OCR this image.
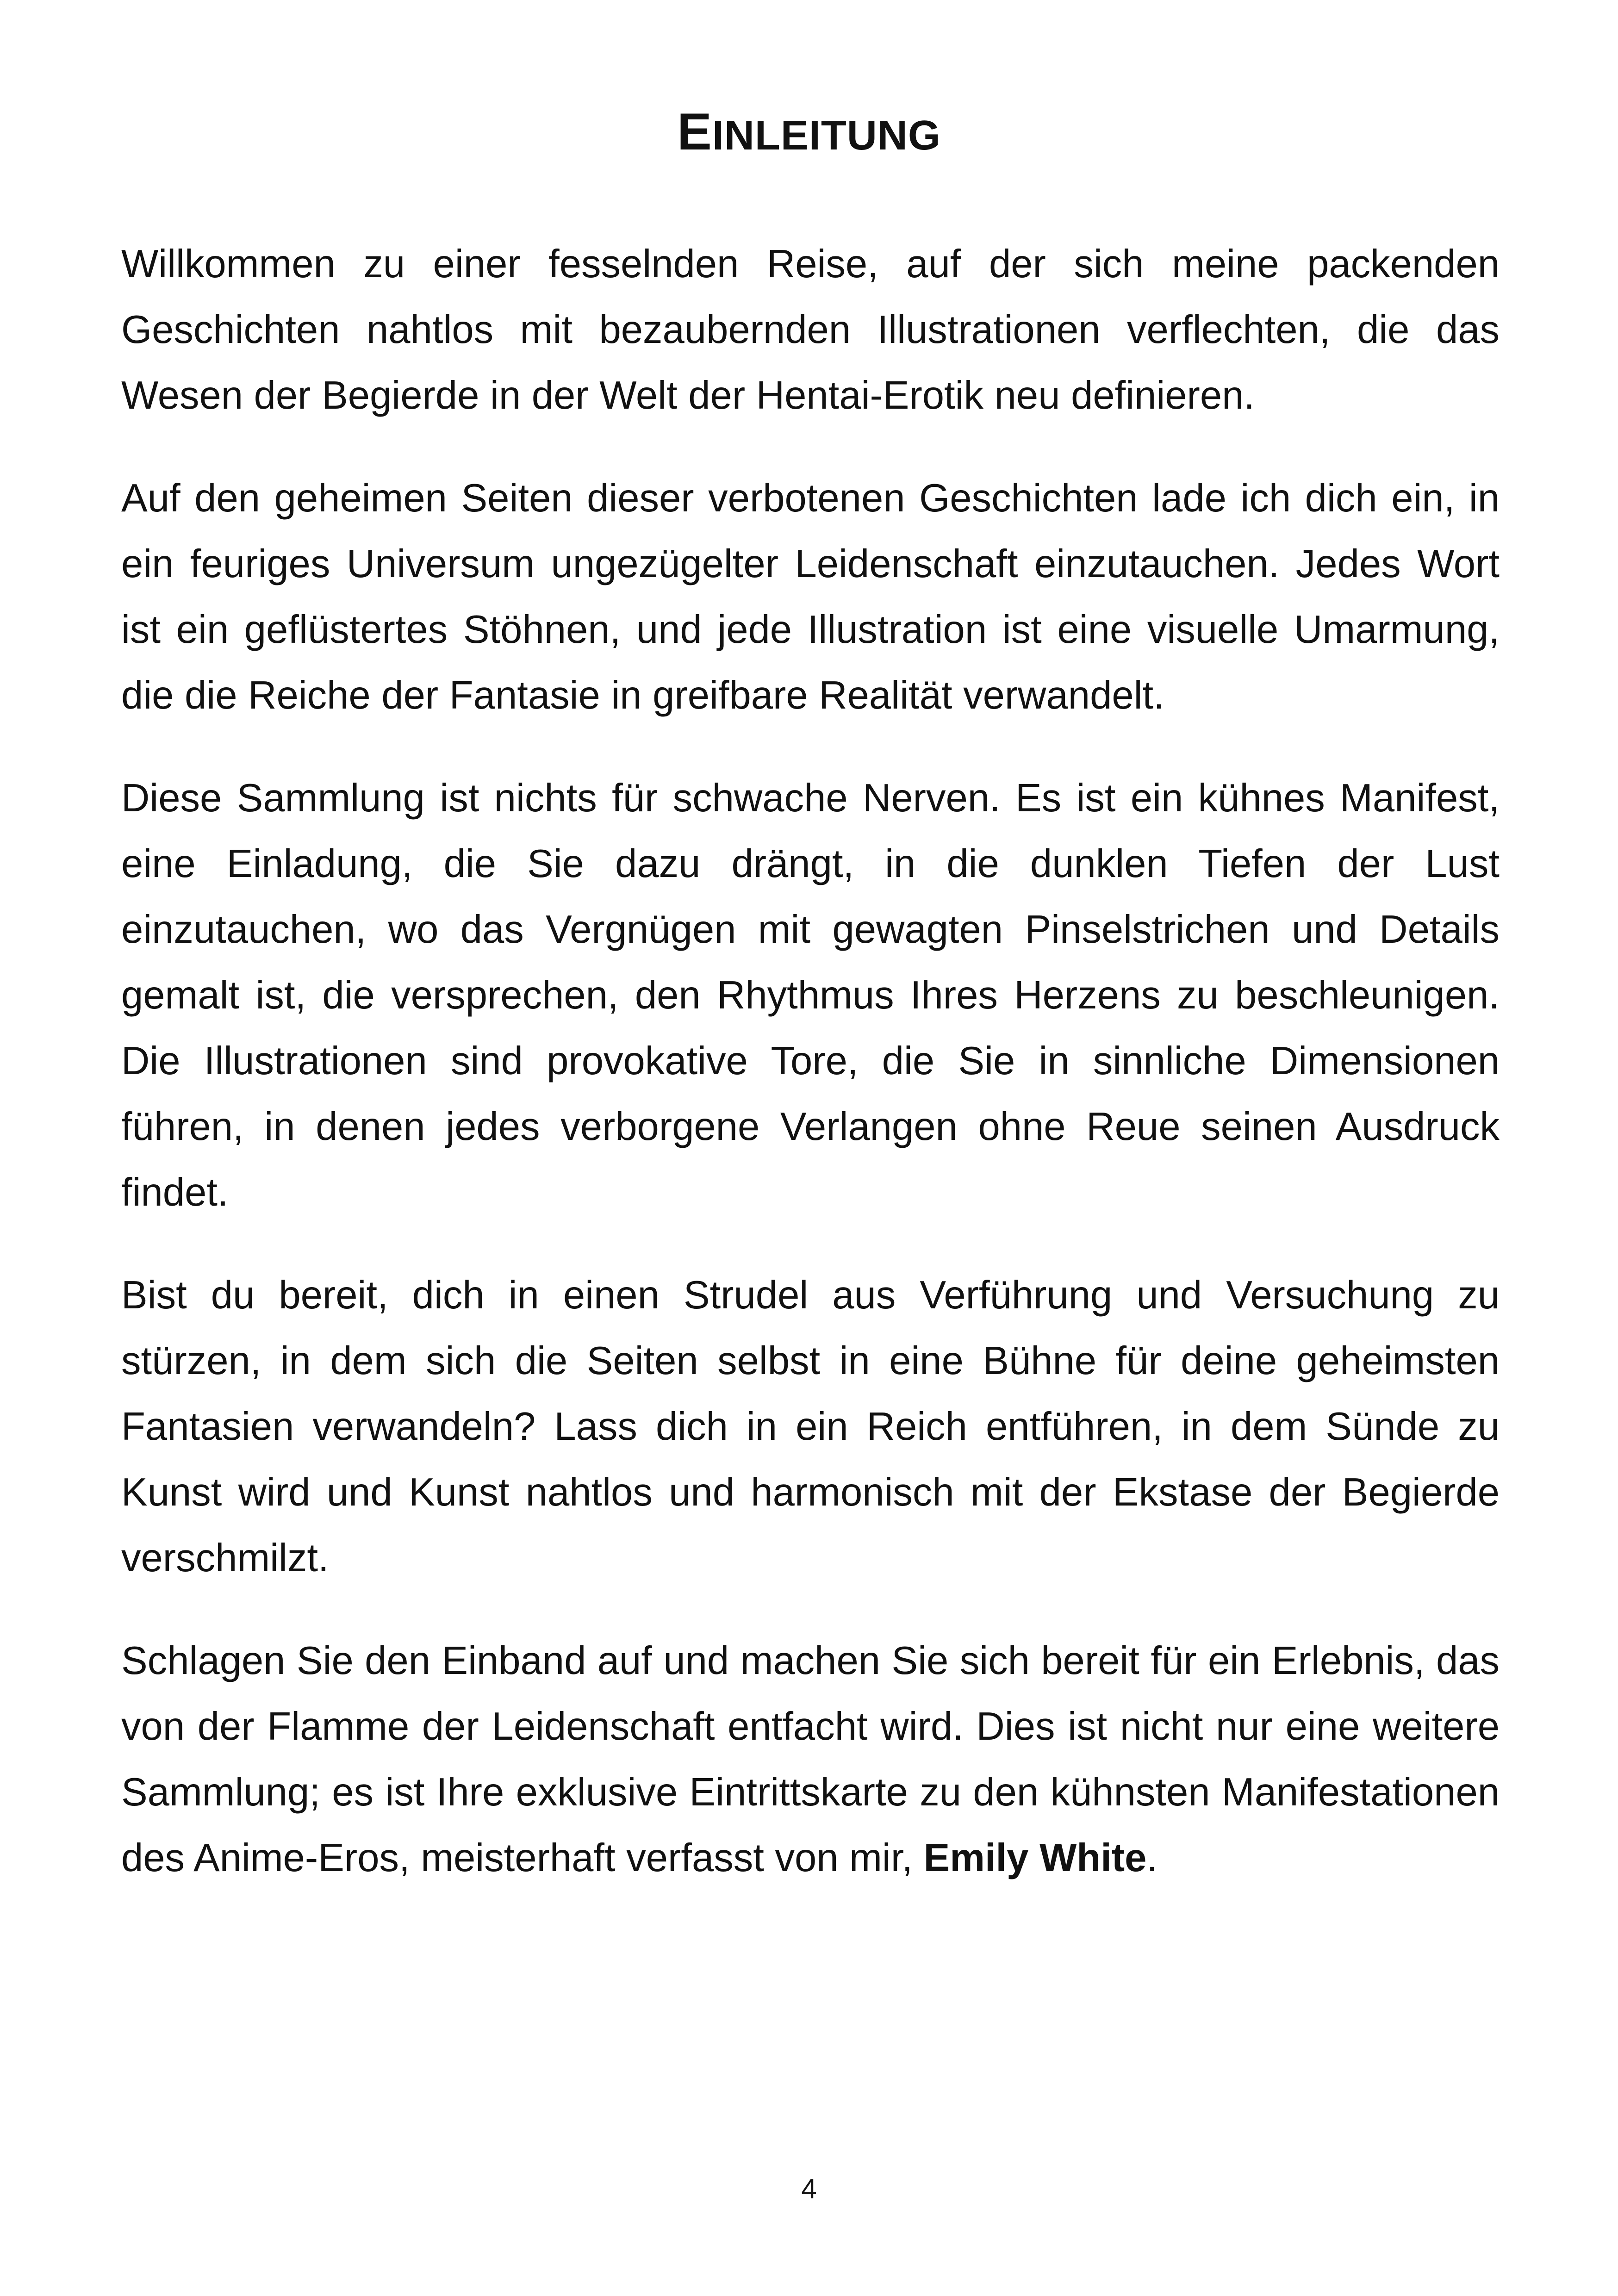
EINLEITUNG

Willkommen zu einer fesselnden Reise, auf der sich meine packenden Geschichten nahtlos mit bezaubernden Illustrationen verflechten, die das Wesen der Begierde in der Welt der Hentai-Erotik neu definieren.

Auf den geheimen Seiten dieser verbotenen Geschichten lade ich dich ein, in ein feuriges Universum ungezügelter Leidenschaft einzutauchen. Jedes Wort ist ein geflüstertes Stöhnen, und jede Illustration ist eine visuelle Umarmung, die die Reiche der Fantasie in greifbare Realität verwandelt.

Diese Sammlung ist nichts für schwache Nerven. Es ist ein kühnes Manifest, eine Einladung, die Sie dazu drängt, in die dunklen Tiefen der Lust einzutauchen, wo das Vergnügen mit gewagten Pinselstrichen und Details gemalt ist, die versprechen, den Rhythmus Ihres Herzens zu beschleunigen. Die Illustrationen sind provokative Tore, die Sie in sinnliche Dimensionen führen, in denen jedes verborgene Verlangen ohne Reue seinen Ausdruck findet.

Bist du bereit, dich in einen Strudel aus Verführung und Versuchung zu stürzen, in dem sich die Seiten selbst in eine Bühne für deine geheimsten Fantasien verwandeln? Lass dich in ein Reich entführen, in dem Sünde zu Kunst wird und Kunst nahtlos und harmonisch mit der Ekstase der Begierde verschmilzt.

Schlagen Sie den Einband auf und machen Sie sich bereit für ein Erlebnis, das von der Flamme der Leidenschaft entfacht wird. Dies ist nicht nur eine weitere Sammlung; es ist Ihre exklusive Eintrittskarte zu den kühnsten Manifestationen des Anime-Eros, meisterhaft verfasst von mir, Emily White.

4
